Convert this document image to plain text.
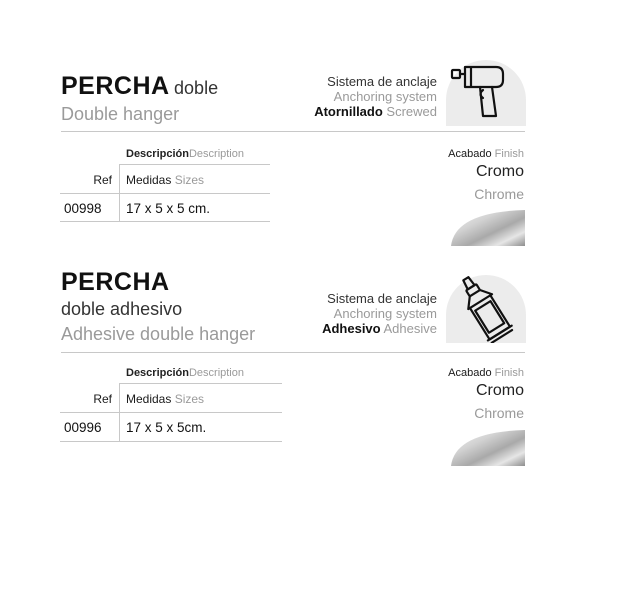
PERCHA doble
Double hanger
Sistema de anclaje
Anchoring system
Atornillado Screwed
DescripciónDescription
Ref Medidas Sizes
00998 17 x 5 x 5 cm.
Acabado Finish
Cromo
Chrome
PERCHA
doble adhesivo
Adhesive double hanger
Sistema de anclaje
Anchoring system
Adhesivo Adhesive
DescripciónDescription
Ref Medidas Sizes
00996 17 x 5 x 5cm.
Acabado Finish
Cromo
Chrome
